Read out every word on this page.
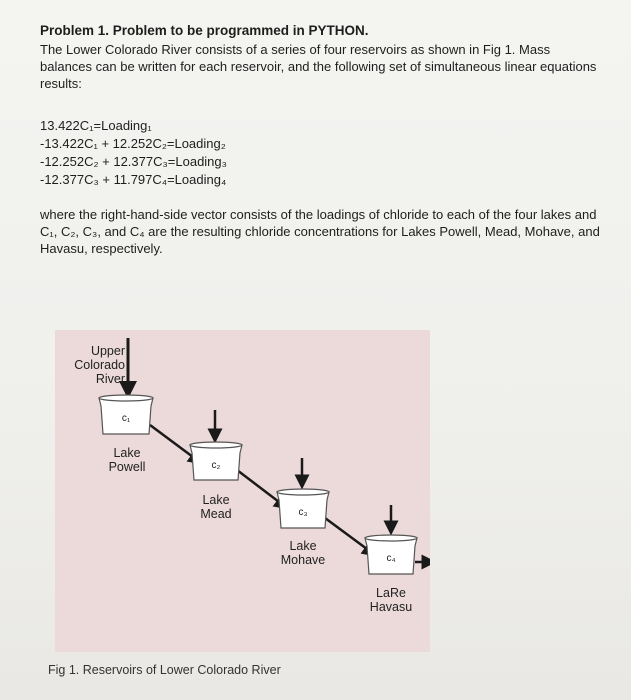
Problem 1. Problem to be programmed in PYTHON.
The Lower Colorado River consists of a series of four reservoirs as shown in Fig 1. Mass balances can be written for each reservoir, and the following set of simultaneous linear equations results:
13.422C₁=Loading₁
-13.422C₁ + 12.252C₂=Loading₂
-12.252C₂ + 12.377C₃=Loading₃
-12.377C₃ + 11.797C₄=Loading₄
where the right-hand-side vector consists of the loadings of chloride to each of the four lakes and C₁, C₂, C₃, and C₄ are the resulting chloride concentrations for Lakes Powell, Mead, Mohave, and Havasu, respectively.
Upper
Colorado
River
c₁
c₂
c₃
c₄
Lake
Powell
Lake
Mead
Lake
Mohave
LaRe
Havasu
Fig 1. Reservoirs of Lower Colorado River
